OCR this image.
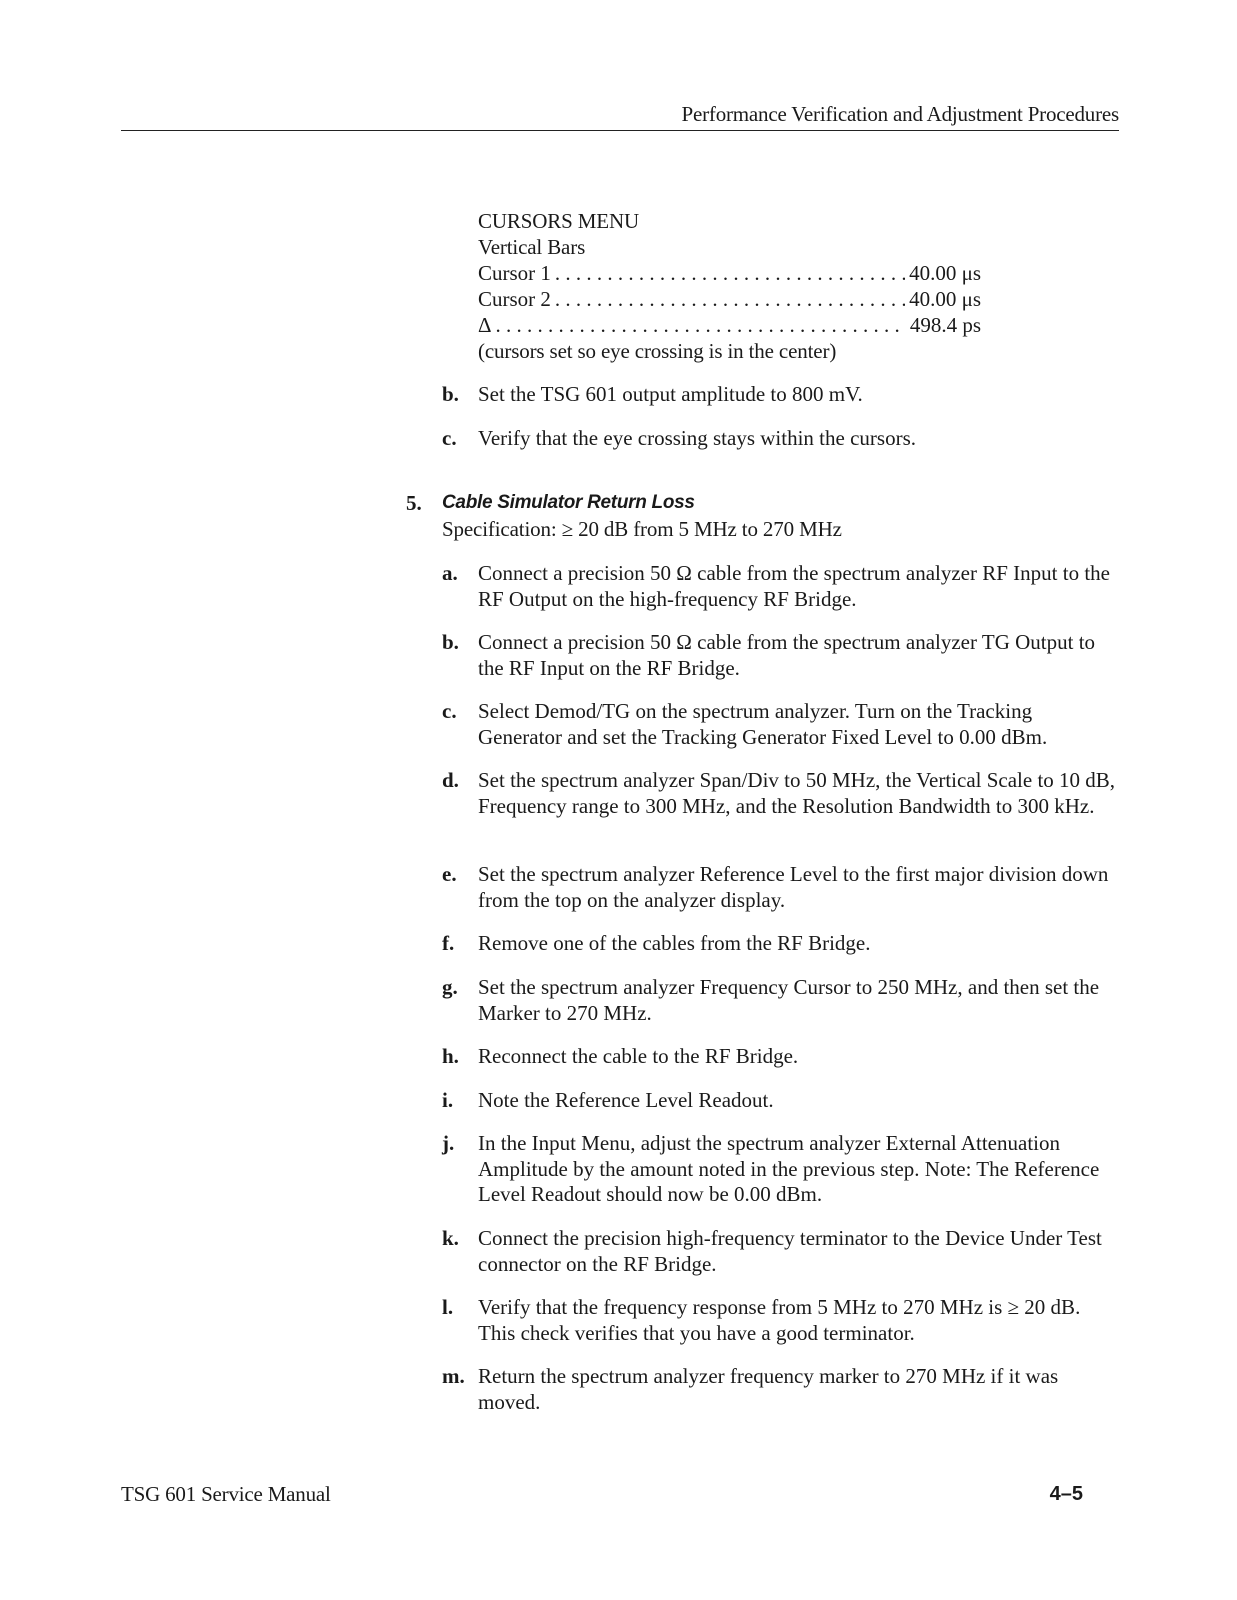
Performance Verification and Adjustment Procedures
CURSORS MENU
Vertical Bars
Cursor 1 . . .	40.00 μs
Cursor 2 . . .	40.00 μs
Δ . . .	498.4 ps
(cursors set so eye crossing is in the center)
b. Set the TSG 601 output amplitude to 800 mV.
c. Verify that the eye crossing stays within the cursors.
5. Cable Simulator Return Loss
Specification: ≥ 20 dB from 5 MHz to 270 MHz
a. Connect a precision 50 Ω cable from the spectrum analyzer RF Input to the RF Output on the high-frequency RF Bridge.
b. Connect a precision 50 Ω cable from the spectrum analyzer TG Output to the RF Input on the RF Bridge.
c. Select Demod/TG on the spectrum analyzer. Turn on the Tracking Generator and set the Tracking Generator Fixed Level to 0.00 dBm.
d. Set the spectrum analyzer Span/Div to 50 MHz, the Vertical Scale to 10 dB, Frequency range to 300 MHz, and the Resolution Bandwidth to 300 kHz.
e. Set the spectrum analyzer Reference Level to the first major division down from the top on the analyzer display.
f. Remove one of the cables from the RF Bridge.
g. Set the spectrum analyzer Frequency Cursor to 250 MHz, and then set the Marker to 270 MHz.
h. Reconnect the cable to the RF Bridge.
i. Note the Reference Level Readout.
j. In the Input Menu, adjust the spectrum analyzer External Attenuation Amplitude by the amount noted in the previous step. Note: The Reference Level Readout should now be 0.00 dBm.
k. Connect the precision high-frequency terminator to the Device Under Test connector on the RF Bridge.
l. Verify that the frequency response from 5 MHz to 270 MHz is ≥ 20 dB. This check verifies that you have a good terminator.
m. Return the spectrum analyzer frequency marker to 270 MHz if it was moved.
TSG 601 Service Manual	4–5
